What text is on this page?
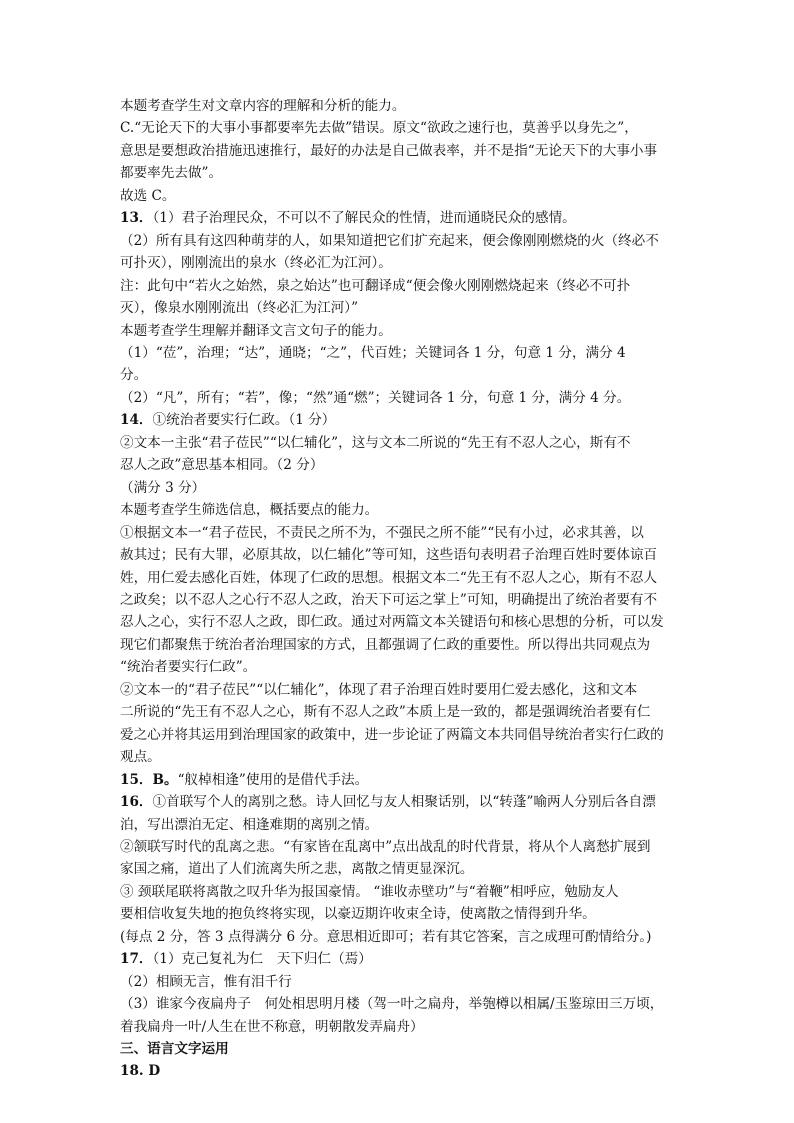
本题考查学生对文章内容的理解和分析的能力。
C.“无论天下的大事小事都要率先去做”错误。原文“欲政之速行也，莫善乎以身先之”，
意思是要想政治措施迅速推行，最好的办法是自己做表率，并不是指“无论天下的大事小事
都要率先去做”。
故选 C。
13．（1）君子治理民众，不可以不了解民众的性情，进而通晓民众的感情。
（2）所有具有这四种萌芽的人，如果知道把它们扩充起来，便会像刚刚燃烧的火（终必不
可扑灭），刚刚流出的泉水（终必汇为江河）。
注：此句中“若火之始然，泉之始达”也可翻译成“便会像火刚刚燃烧起来（终必不可扑
灭），像泉水刚刚流出（终必汇为江河）”
本题考查学生理解并翻译文言文句子的能力。
（1）“莅”，治理；“达”，通晓；“之”，代百姓；关键词各 1 分，句意 1 分，满分 4
分。
（2）“凡”，所有；“若”，像；“然”通“燃”；关键词各 1 分，句意 1 分，满分 4 分。
14．①统治者要实行仁政。（1 分）
②文本一主张“君子莅民”“以仁辅化”，这与文本二所说的“先王有不忍人之心，斯有不
忍人之政”意思基本相同。（2 分）
（满分 3 分）
本题考查学生筛选信息，概括要点的能力。
①根据文本一“君子莅民，不责民之所不为，不强民之所不能”“民有小过，必求其善，以
赦其过；民有大罪，必原其故，以仁辅化”等可知，这些语句表明君子治理百姓时要体谅百
姓，用仁爱去感化百姓，体现了仁政的思想。根据文本二“先王有不忍人之心，斯有不忍人
之政矣；以不忍人之心行不忍人之政，治天下可运之掌上”可知，明确提出了统治者要有不
忍人之心，实行不忍人之政，即仁政。通过对两篇文本关键语句和核心思想的分析，可以发
现它们都聚焦于统治者治理国家的方式，且都强调了仁政的重要性。所以得出共同观点为
“统治者要实行仁政”。
②文本一的“君子莅民”“以仁辅化”，体现了君子治理百姓时要用仁爱去感化，这和文本
二所说的“先王有不忍人之心，斯有不忍人之政”本质上是一致的，都是强调统治者要有仁
爱之心并将其运用到治理国家的政策中，进一步论证了两篇文本共同倡导统治者实行仁政的
观点。
15．B。“舣棹相逢”使用的是借代手法。
16．①首联写个人的离别之愁。诗人回忆与友人相聚话别，以“转蓬”喻两人分别后各自漂
泊，写出漂泊无定、相逢难期的离别之情。
②颔联写时代的乱离之悲。“有家皆在乱离中”点出战乱的时代背景，将从个人离愁扩展到
家国之痛，道出了人们流离失所之悲，离散之情更显深沉。
③ 颈联尾联将离散之叹升华为报国豪情。 “谁收赤壁功”与“着鞭”相呼应，勉励友人
要相信收复失地的抱负终将实现，以豪迈期许收束全诗，使离散之情得到升华。
(每点 2 分，答 3 点得满分 6 分。意思相近即可；若有其它答案，言之成理可酌情给分。)
17．（1）克己复礼为仁　天下归仁（焉）
（2）相顾无言，惟有泪千行
（3）谁家今夜扁舟子　何处相思明月楼（驾一叶之扁舟，举匏樽以相属/玉鉴琼田三万顷，
着我扁舟一叶/人生在世不称意，明朝散发弄扁舟）
三、语言文字运用
18. D
